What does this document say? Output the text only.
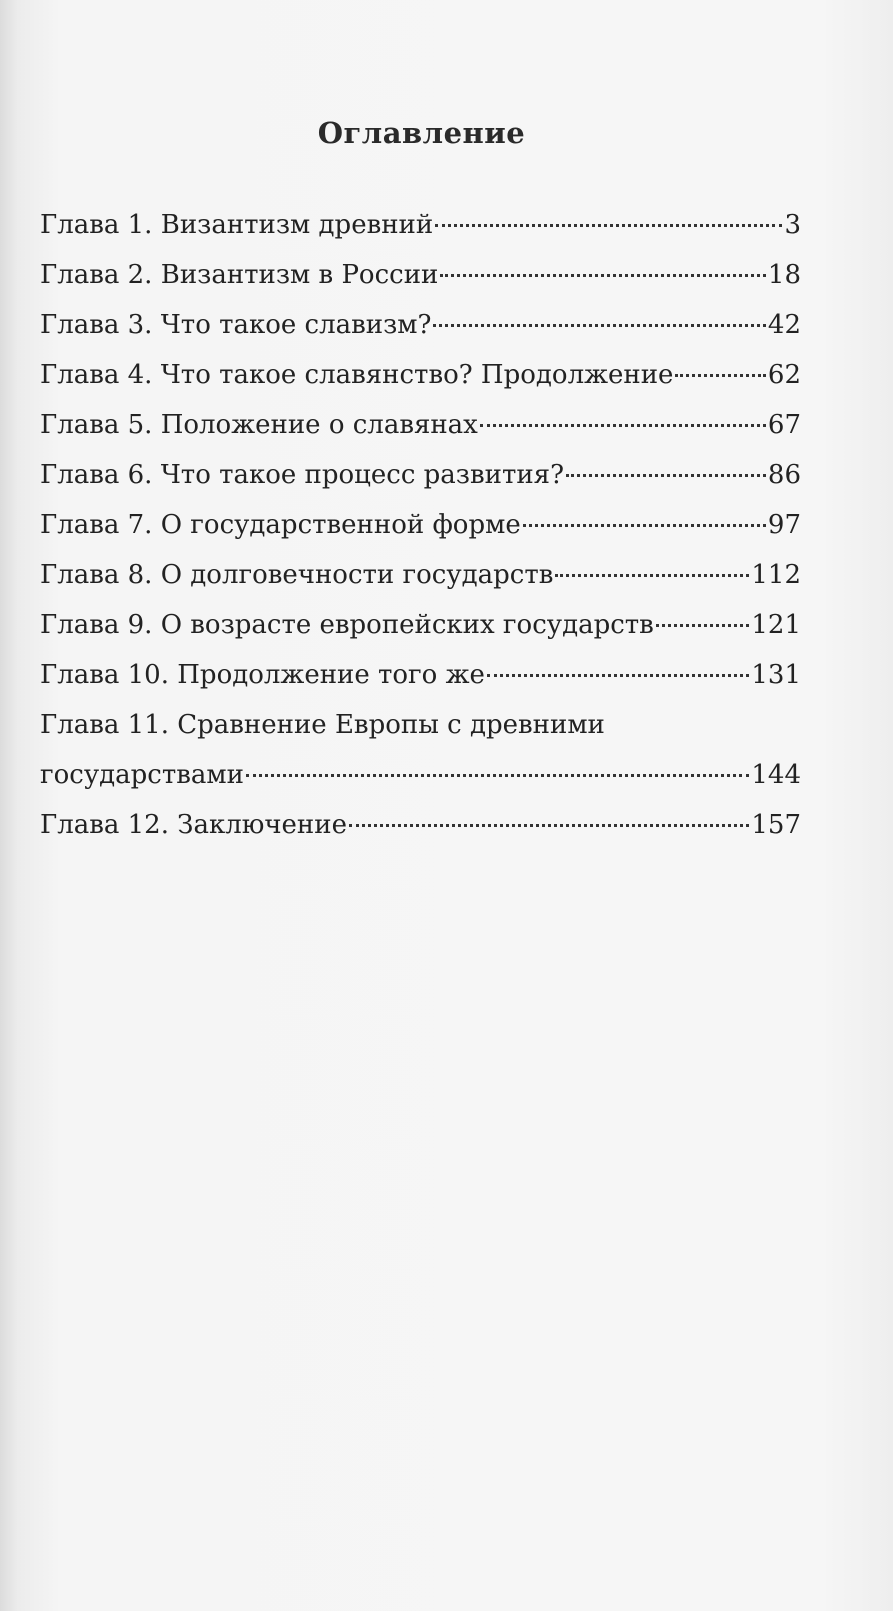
Оглавление
Глава 1. Византизм древний	3
Глава 2. Византизм в России	18
Глава 3. Что такое славизм?	42
Глава 4. Что такое славянство? Продолжение	62
Глава 5. Положение о славянах	67
Глава 6. Что такое процесс развития?	86
Глава 7. О государственной форме	97
Глава 8. О долговечности государств	112
Глава 9. О возрасте европейских государств	121
Глава 10. Продолжение того же	131
Глава 11. Сравнение Европы с древними
государствами	144
Глава 12. Заключение	157
